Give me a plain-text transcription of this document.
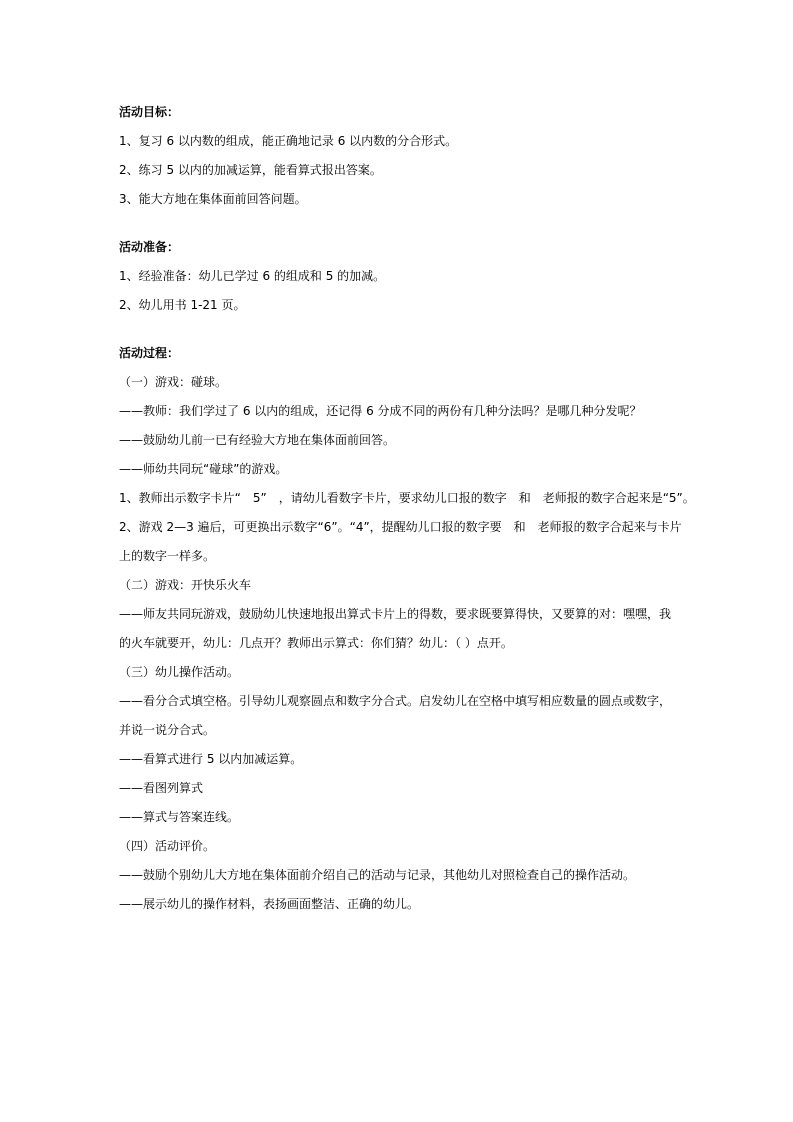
活动目标：
1、复习 6 以内数的组成，能正确地记录 6 以内数的分合形式。
2、练习 5 以内的加减运算，能看算式报出答案。
3、能大方地在集体面前回答问题。
活动准备：
1、经验准备：幼儿已学过 6 的组成和 5 的加减。
2、幼儿用书 1-21 页。
活动过程：
（一）游戏：碰球。
——教师：我们学过了 6 以内的组成，还记得 6 分成不同的两份有几种分法吗？是哪几种分发呢？
——鼓励幼儿前一已有经验大方地在集体面前回答。
——师幼共同玩“碰球”的游戏。
1、教师出示数字卡片“　5”　，请幼儿看数字卡片，要求幼儿口报的数字　和　老师报的数字合起来是“5”。
2、游戏 2—3 遍后，可更换出示数字“6”。“4”，提醒幼儿口报的数字要　和　老师报的数字合起来与卡片
上的数字一样多。
（二）游戏：开快乐火车
——师友共同玩游戏，鼓励幼儿快速地报出算式卡片上的得数，要求既要算得快，又要算的对：嘿嘿，我
的火车就要开，幼儿：几点开？教师出示算式：你们猜？幼儿：（ ）点开。
（三）幼儿操作活动。
——看分合式填空格。引导幼儿观察圆点和数字分合式。启发幼儿在空格中填写相应数量的圆点或数字，
并说一说分合式。
——看算式进行 5 以内加减运算。
——看图列算式
——算式与答案连线。
（四）活动评价。
——鼓励个别幼儿大方地在集体面前介绍自己的活动与记录，其他幼儿对照检查自己的操作活动。
——展示幼儿的操作材料，表扬画面整洁、正确的幼儿。
